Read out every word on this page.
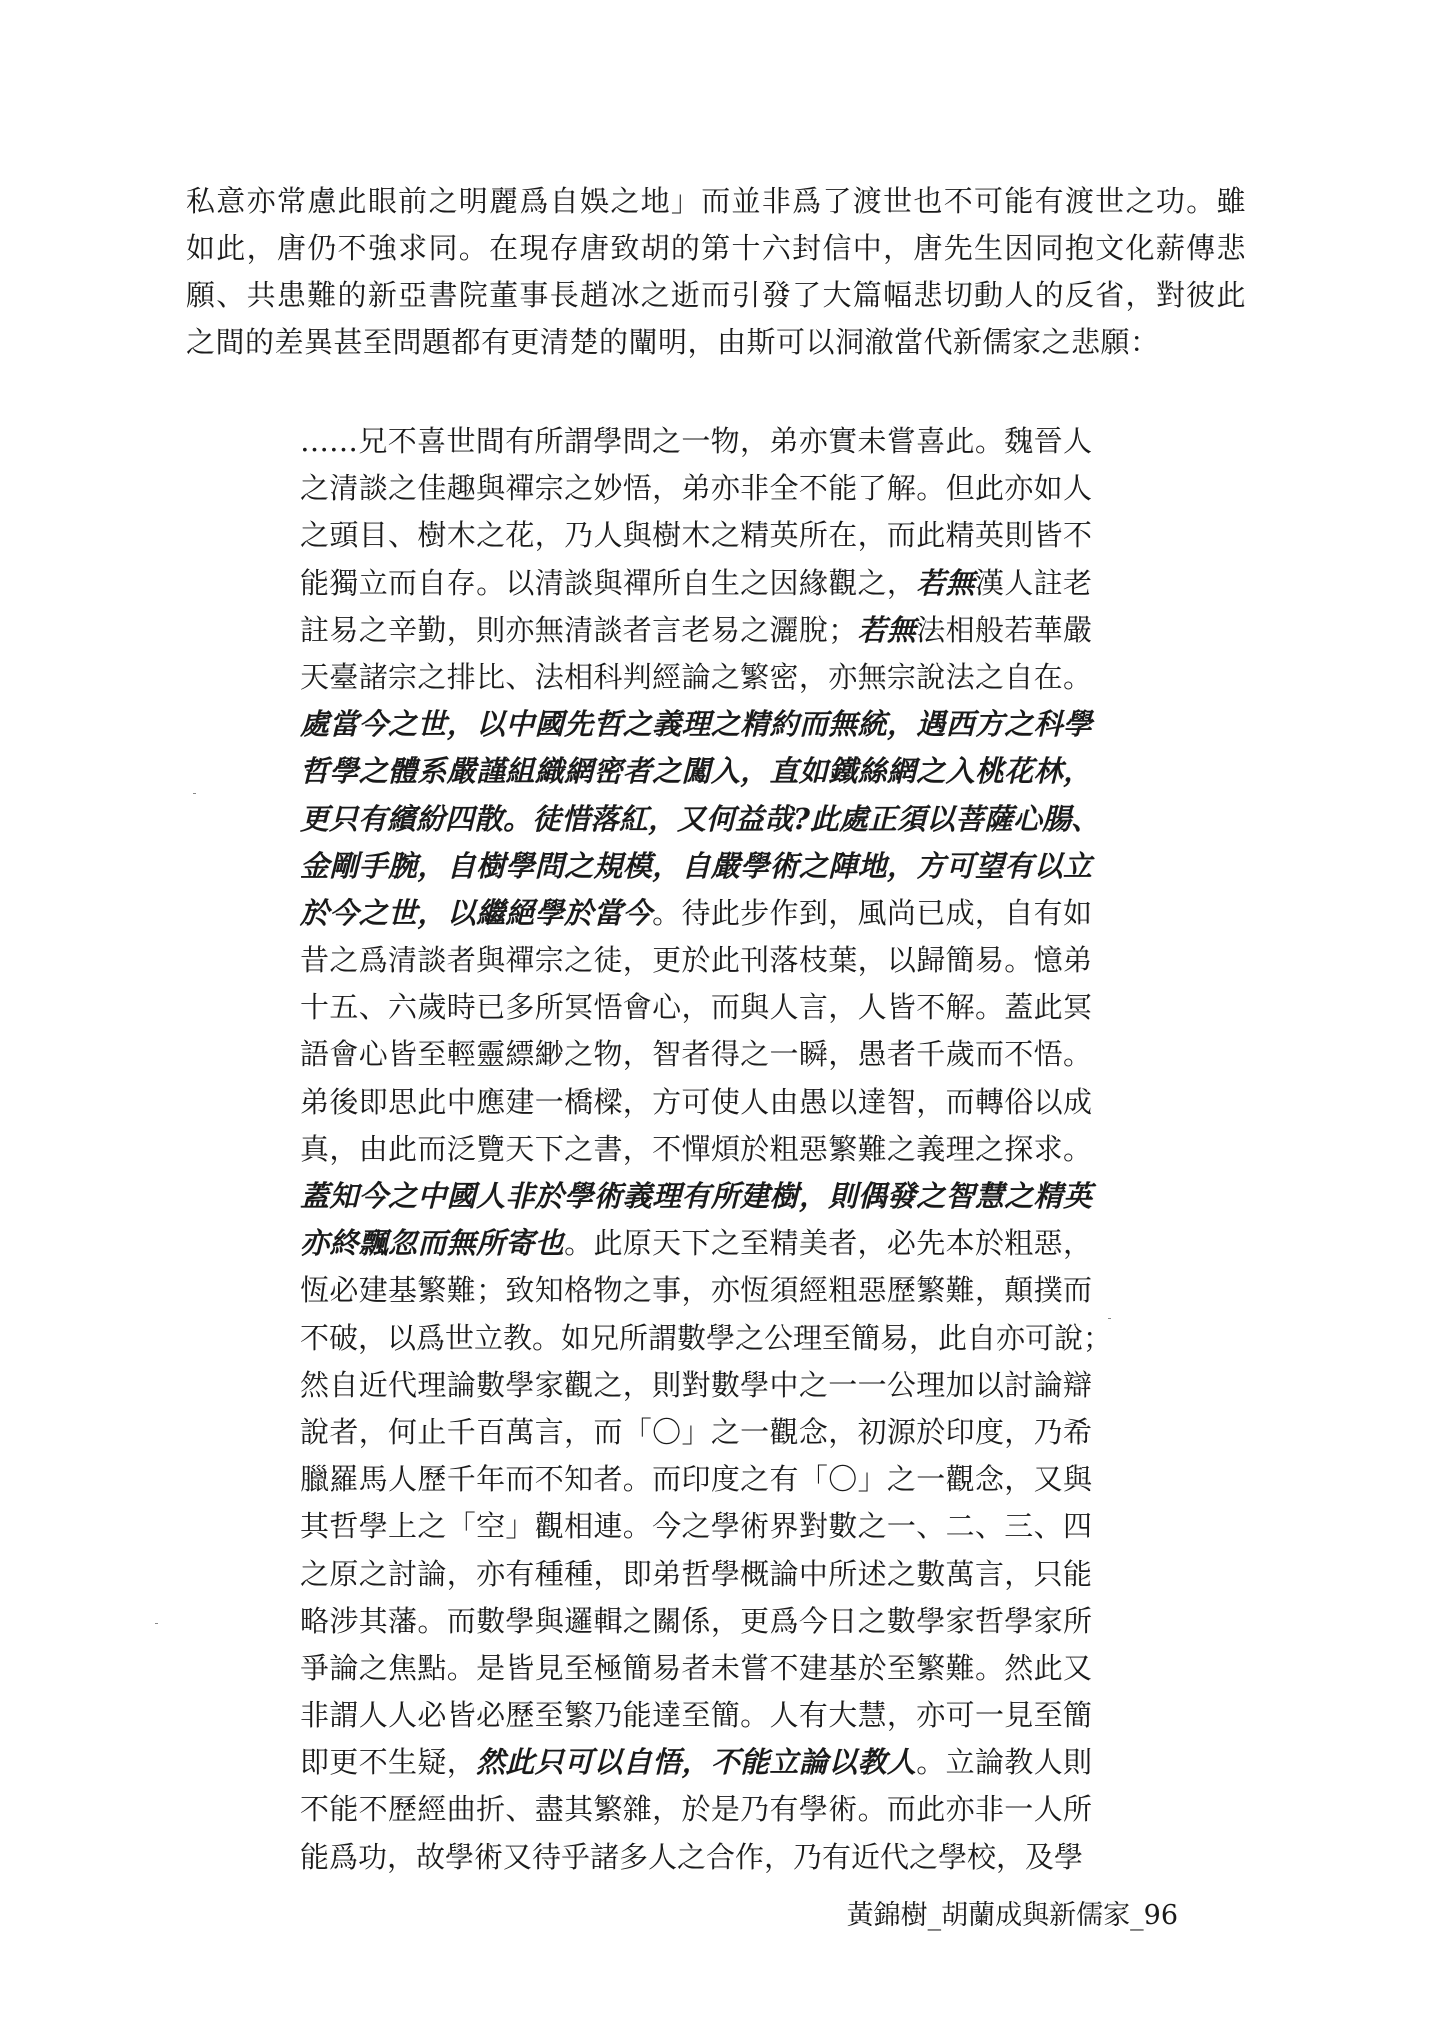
私意亦常慮此眼前之明麗爲自娛之地」而並非爲了渡世也不可能有渡世之功。雖
如此，唐仍不強求同。在現存唐致胡的第十六封信中，唐先生因同抱文化薪傳悲
願、共患難的新亞書院董事長趙冰之逝而引發了大篇幅悲切動人的反省，對彼此
之間的差異甚至問題都有更清楚的闡明，由斯可以洞澈當代新儒家之悲願：
……兄不喜世間有所謂學問之一物，弟亦實未嘗喜此。魏晉人
之清談之佳趣與禪宗之妙悟，弟亦非全不能了解。但此亦如人
之頭目、樹木之花，乃人與樹木之精英所在，而此精英則皆不
能獨立而自存。以清談與禪所自生之因緣觀之，若無漢人註老
註易之辛勤，則亦無清談者言老易之灑脫；若無法相般若華嚴
天臺諸宗之排比、法相科判經論之繁密，亦無宗說法之自在。
處當今之世，以中國先哲之義理之精約而無統，遇西方之科學
哲學之體系嚴謹組織網密者之闖入，直如鐵絲網之入桃花林，
更只有繽紛四散。徒惜落紅，又何益哉?此處正須以菩薩心腸、
金剛手腕，自樹學問之規模，自嚴學術之陣地，方可望有以立
於今之世，以繼絕學於當今。待此步作到，風尚已成，自有如
昔之爲清談者與禪宗之徒，更於此刊落枝葉，以歸簡易。憶弟
十五、六歲時已多所冥悟會心，而與人言，人皆不解。蓋此冥
語會心皆至輕靈縹緲之物，智者得之一瞬，愚者千歲而不悟。
弟後即思此中應建一橋樑，方可使人由愚以達智，而轉俗以成
真，由此而泛覽天下之書，不憚煩於粗惡繁難之義理之探求。
蓋知今之中國人非於學術義理有所建樹，則偶發之智慧之精英
亦終飄忽而無所寄也。此原天下之至精美者，必先本於粗惡，
恆必建基繁難；致知格物之事，亦恆須經粗惡歷繁難，顛撲而
不破，以爲世立教。如兄所謂數學之公理至簡易，此自亦可說；
然自近代理論數學家觀之，則對數學中之一一公理加以討論辯
說者，何止千百萬言，而「〇」之一觀念，初源於印度，乃希
臘羅馬人歷千年而不知者。而印度之有「〇」之一觀念，又與
其哲學上之「空」觀相連。今之學術界對數之一、二、三、四
之原之討論，亦有種種，即弟哲學概論中所述之數萬言，只能
略涉其藩。而數學與邏輯之關係，更爲今日之數學家哲學家所
爭論之焦點。是皆見至極簡易者未嘗不建基於至繁難。然此又
非謂人人必皆必歷至繁乃能達至簡。人有大慧，亦可一見至簡
即更不生疑，然此只可以自悟，不能立論以教人。立論教人則
不能不歷經曲折、盡其繁雜，於是乃有學術。而此亦非一人所
能爲功，故學術又待乎諸多人之合作，乃有近代之學校，及學
黃錦樹_胡蘭成與新儒家_96
